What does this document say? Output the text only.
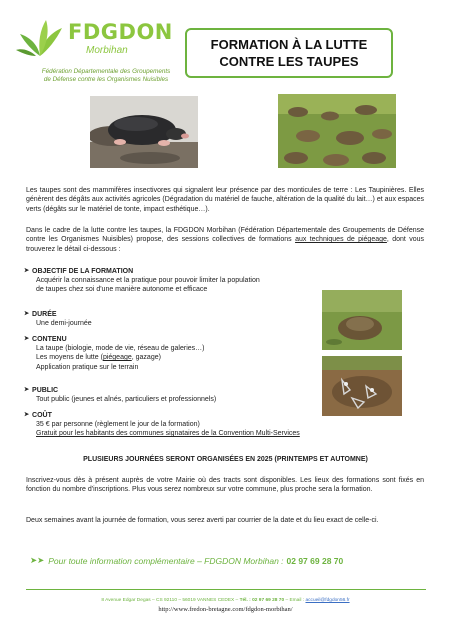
FDGDON
Morbihan
Fédération Départementale des Groupements
de Défense contre les Organismes Nuisibles
FORMATION À LA LUTTE
CONTRE LES TAUPES
Les taupes sont des mammifères insectivores qui signalent leur présence par des monticules de terre : Les Taupinières. Elles génèrent des dégâts aux activités agricoles (Dégradation du matériel de fauche, altération de la qualité du lait…) et aux espaces verts (dégâts sur le matériel de tonte, impact esthétique…).
Dans le cadre de la lutte contre les taupes, la FDGDON Morbihan (Fédération Départementale des Groupements de Défense contre les Organismes Nuisibles) propose, des sessions collectives de formations aux techniques de piégeage, dont vous trouverez le détail ci-dessous :
➤ OBJECTIF DE LA FORMATION
Acquérir la connaissance et la pratique pour pouvoir limiter la population
de taupes chez soi d'une manière autonome et efficace
➤ DURÉE
Une demi-journée
➤ CONTENU
La taupe (biologie, mode de vie, réseau de galeries…)
Les moyens de lutte (piégeage, gazage)
Application pratique sur le terrain
➤ PUBLIC
Tout public (jeunes et aînés, particuliers et professionnels)
➤ COÛT
35 € par personne (règlement le jour de la formation)
Gratuit pour les habitants des communes signataires de la Convention Multi-Services
PLUSIEURS JOURNÉES SERONT ORGANISÉES EN 2025 (PRINTEMPS ET AUTOMNE)
Inscrivez-vous dès à présent auprès de votre Mairie où des tracts sont disponibles. Les lieux des formations sont fixés en fonction du nombre d'inscriptions. Plus vous serez nombreux sur votre commune, plus proche sera la formation.
Deux semaines avant la journée de formation, vous serez averti par courrier de la date et du lieu exact de celle-ci.
➤➤ Pour toute information complémentaire – FDGDON Morbihan : 02 97 69 28 70
8 Avenue Edgar Degas – CS 92110 – 56019 VANNES CEDEX – Tél. : 02 97 69 28 70 – Email : accueil@fdgdon56.fr
http://www.fredon-bretagne.com/fdgdon-morbihan/
